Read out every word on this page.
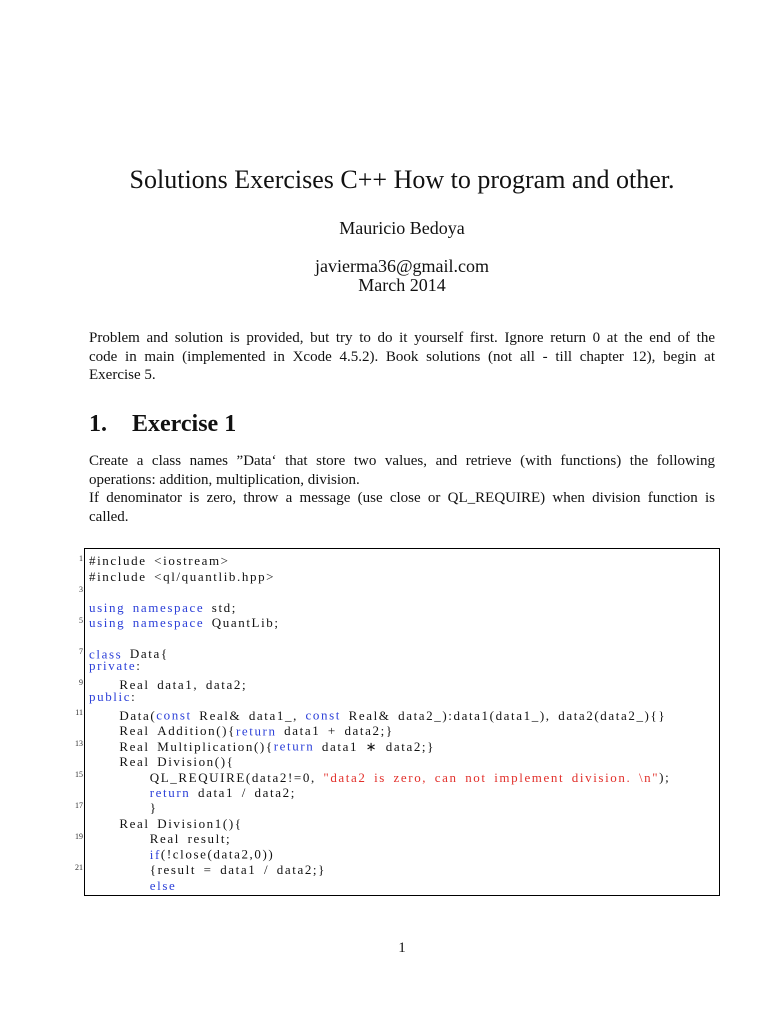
Solutions Exercises C++ How to program and other.
Mauricio Bedoya
javierma36@gmail.com
March 2014
Problem and solution is provided, but try to do it yourself first. Ignore return 0 at the end of the
code in main (implemented in Xcode 4.5.2). Book solutions (not all - till chapter 12), begin at
Exercise 5.
1. Exercise 1
Create a class names ”Data‘ that store two values, and retrieve (with functions) the following
operations: addition, multiplication, division.
If denominator is zero, throw a message (use close or QL_REQUIRE) when division function is
called.
1 #include <iostream>
#include <ql/quantlib.hpp>
3
using namespace std;
5 using namespace QuantLib;
7 class Data{
private:
9	Real data1, data2;
public:
11	Data(const Real& data1_, const Real& data2_):data1(data1_), data2(data2_){}
Real Addition(){return data1 + data2;}
13	Real Multiplication(){return data1 ∗ data2;}
Real Division(){
15	QL_REQUIRE(data2!=0, "data2 is zero, can not implement division. \n");
return data1 / data2;
17	}
Real Division1(){
19	Real result;
if(!close(data2,0))
21	{result = data1 / data2;}
else
1
